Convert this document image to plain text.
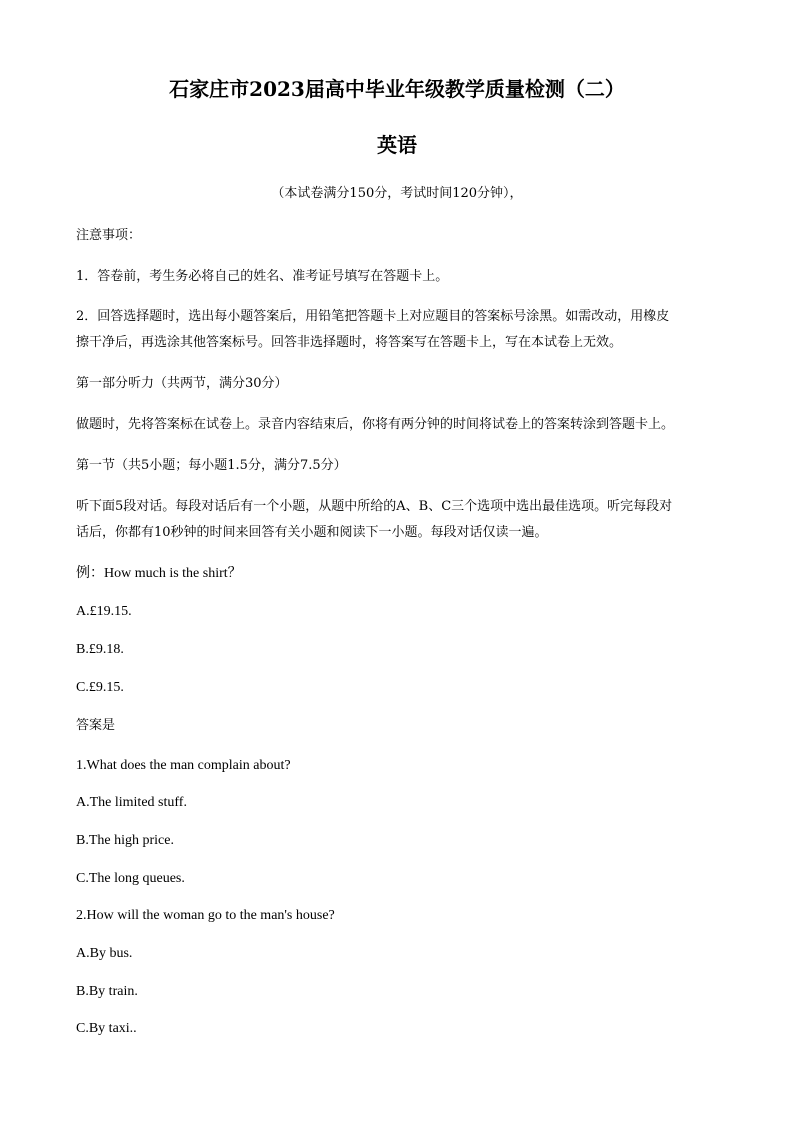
石家庄市2023届高中毕业年级教学质量检测（二）
英语
（本试卷满分150分，考试时间120分钟），
注意事项：
1．答卷前，考生务必将自己的姓名、准考证号填写在答题卡上。
2．回答选择题时，选出每小题答案后，用铅笔把答题卡上对应题目的答案标号涂黑。如需改动，用橡皮
擦干净后，再选涂其他答案标号。回答非选择题时，将答案写在答题卡上，写在本试卷上无效。
第一部分听力（共两节，满分30分）
做题时，先将答案标在试卷上。录音内容结束后，你将有两分钟的时间将试卷上的答案转涂到答题卡上。
第一节（共5小题；每小题1.5分，满分7.5分）
听下面5段对话。每段对话后有一个小题，从题中所给的A、B、C三个选项中选出最佳选项。听完每段对
话后，你都有10秒钟的时间来回答有关小题和阅读下一小题。每段对话仅读一遍。
例：How much is the shirt？
A.£19.15.
B.£9.18.
C.£9.15.
答案是
1.What does the man complain about?
A.The limited stuff.
B.The high price.
C.The long queues.
2.How will the woman go to the man's house?
A.By bus.
B.By train.
C.By taxi..
